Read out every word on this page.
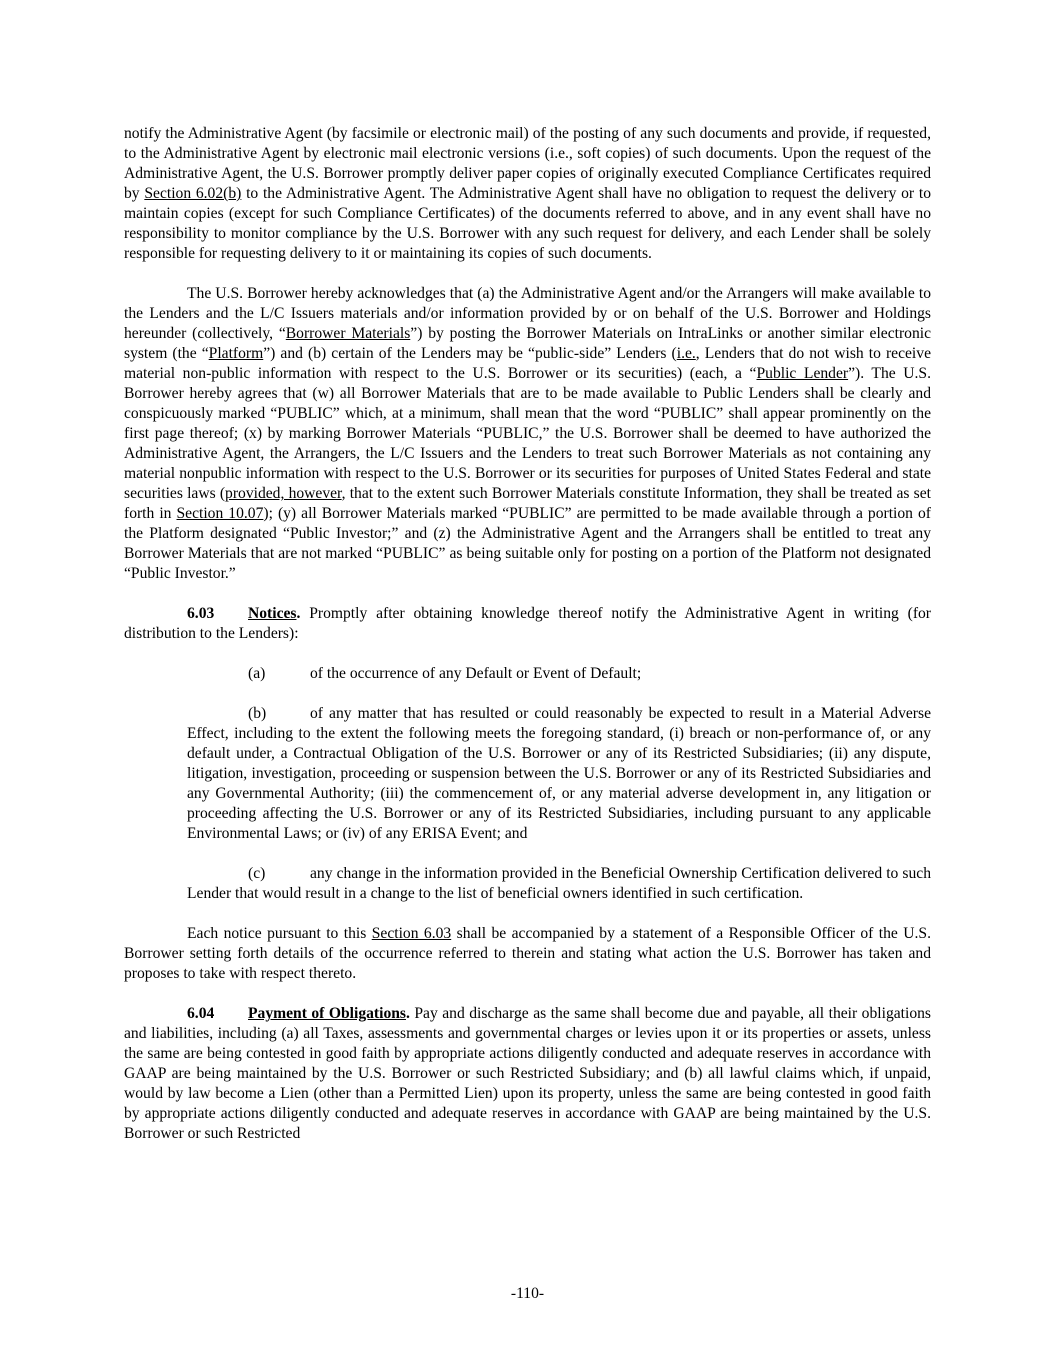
notify the Administrative Agent (by facsimile or electronic mail) of the posting of any such documents and provide, if requested, to the Administrative Agent by electronic mail electronic versions (i.e., soft copies) of such documents. Upon the request of the Administrative Agent, the U.S. Borrower promptly deliver paper copies of originally executed Compliance Certificates required by Section 6.02(b) to the Administrative Agent. The Administrative Agent shall have no obligation to request the delivery or to maintain copies (except for such Compliance Certificates) of the documents referred to above, and in any event shall have no responsibility to monitor compliance by the U.S. Borrower with any such request for delivery, and each Lender shall be solely responsible for requesting delivery to it or maintaining its copies of such documents.

The U.S. Borrower hereby acknowledges that (a) the Administrative Agent and/or the Arrangers will make available to the Lenders and the L/C Issuers materials and/or information provided by or on behalf of the U.S. Borrower and Holdings hereunder (collectively, “Borrower Materials”) by posting the Borrower Materials on IntraLinks or another similar electronic system (the “Platform”) and (b) certain of the Lenders may be “public-side” Lenders (i.e., Lenders that do not wish to receive material non-public information with respect to the U.S. Borrower or its securities) (each, a “Public Lender”). The U.S. Borrower hereby agrees that (w) all Borrower Materials that are to be made available to Public Lenders shall be clearly and conspicuously marked “PUBLIC” which, at a minimum, shall mean that the word “PUBLIC” shall appear prominently on the first page thereof; (x) by marking Borrower Materials “PUBLIC,” the U.S. Borrower shall be deemed to have authorized the Administrative Agent, the Arrangers, the L/C Issuers and the Lenders to treat such Borrower Materials as not containing any material nonpublic information with respect to the U.S. Borrower or its securities for purposes of United States Federal and state securities laws (provided, however, that to the extent such Borrower Materials constitute Information, they shall be treated as set forth in Section 10.07); (y) all Borrower Materials marked “PUBLIC” are permitted to be made available through a portion of the Platform designated “Public Investor;” and (z) the Administrative Agent and the Arrangers shall be entitled to treat any Borrower Materials that are not marked “PUBLIC” as being suitable only for posting on a portion of the Platform not designated “Public Investor.”

6.03 Notices. Promptly after obtaining knowledge thereof notify the Administrative Agent in writing (for distribution to the Lenders):

(a)	of the occurrence of any Default or Event of Default;

(b)	of any matter that has resulted or could reasonably be expected to result in a Material Adverse Effect, including to the extent the following meets the foregoing standard, (i) breach or non-performance of, or any default under, a Contractual Obligation of the U.S. Borrower or any of its Restricted Subsidiaries; (ii) any dispute, litigation, investigation, proceeding or suspension between the U.S. Borrower or any of its Restricted Subsidiaries and any Governmental Authority; (iii) the commencement of, or any material adverse development in, any litigation or proceeding affecting the U.S. Borrower or any of its Restricted Subsidiaries, including pursuant to any applicable Environmental Laws; or (iv) of any ERISA Event; and

(c)	any change in the information provided in the Beneficial Ownership Certification delivered to such Lender that would result in a change to the list of beneficial owners identified in such certification.

Each notice pursuant to this Section 6.03 shall be accompanied by a statement of a Responsible Officer of the U.S. Borrower setting forth details of the occurrence referred to therein and stating what action the U.S. Borrower has taken and proposes to take with respect thereto.

6.04 Payment of Obligations. Pay and discharge as the same shall become due and payable, all their obligations and liabilities, including (a) all Taxes, assessments and governmental charges or levies upon it or its properties or assets, unless the same are being contested in good faith by appropriate actions diligently conducted and adequate reserves in accordance with GAAP are being maintained by the U.S. Borrower or such Restricted Subsidiary; and (b) all lawful claims which, if unpaid, would by law become a Lien (other than a Permitted Lien) upon its property, unless the same are being contested in good faith by appropriate actions diligently conducted and adequate reserves in accordance with GAAP are being maintained by the U.S. Borrower or such Restricted

-110-
